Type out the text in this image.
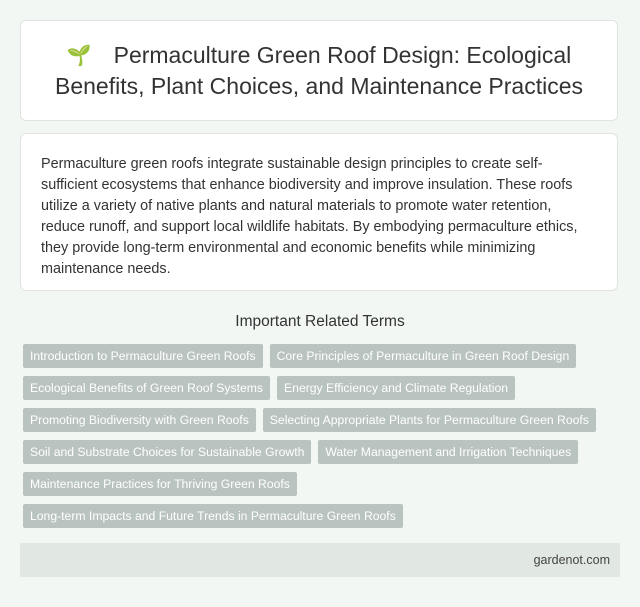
🌱 Permaculture Green Roof Design: Ecological Benefits, Plant Choices, and Maintenance Practices

Permaculture green roofs integrate sustainable design principles to create self-sufficient ecosystems that enhance biodiversity and improve insulation. These roofs utilize a variety of native plants and natural materials to promote water retention, reduce runoff, and support local wildlife habitats. By embodying permaculture ethics, they provide long-term environmental and economic benefits while minimizing maintenance needs.

Important Related Terms
Introduction to Permaculture Green Roofs	Core Principles of Permaculture in Green Roof Design
Ecological Benefits of Green Roof Systems	Energy Efficiency and Climate Regulation
Promoting Biodiversity with Green Roofs	Selecting Appropriate Plants for Permaculture Green Roofs
Soil and Substrate Choices for Sustainable Growth	Water Management and Irrigation Techniques
Maintenance Practices for Thriving Green Roofs
Long-term Impacts and Future Trends in Permaculture Green Roofs
gardenot.com
